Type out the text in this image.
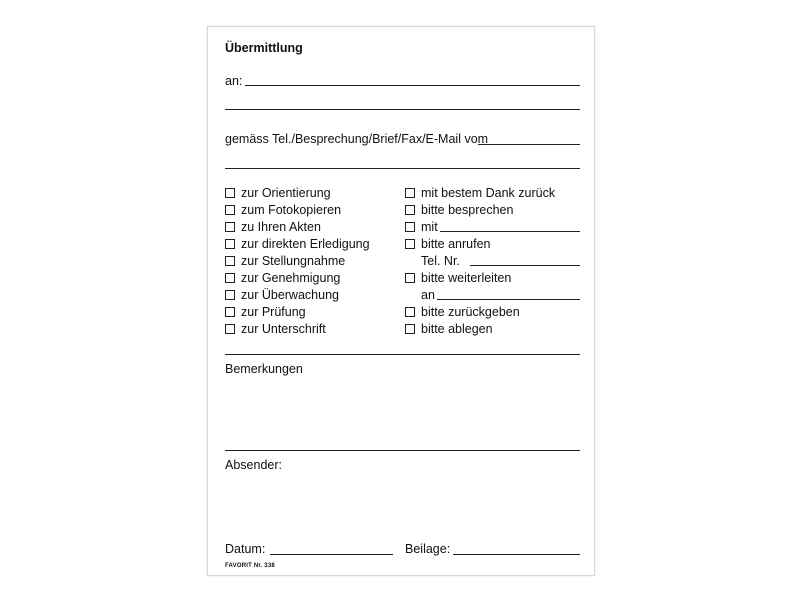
Übermittlung
an:
gemäss Tel./Besprechung/Brief/Fax/E-Mail vom
zur Orientierung
zum Fotokopieren
zu Ihren Akten
zur direkten Erledigung
zur Stellungnahme
zur Genehmigung
zur Überwachung
zur Prüfung
zur Unterschrift
mit bestem Dank zurück
bitte besprechen
mit
bitte anrufen
Tel. Nr.
bitte weiterleiten
an
bitte zurückgeben
bitte ablegen
Bemerkungen
Absender:
Datum:	Beilage:
FAVORIT Nr. 338
